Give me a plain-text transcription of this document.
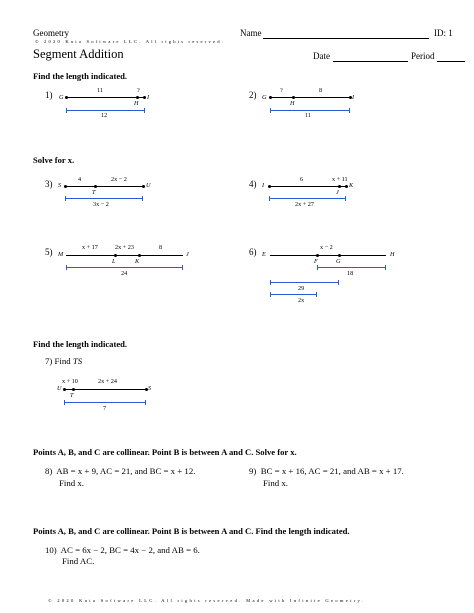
Geometry
© 2020 Kuta Software LLC. All rights reserved.
Name	ID: 1
Segment Addition	Date	Period
Find the length indicated.
1) G	I
11	?
H
12
2) G	I
?	8
H
11
Solve for x.
3) S	U
4	2x − 2
T
3x − 2
4) I	K
6	x + 11
J
2x + 27
5) M	J
x + 17	2x + 23	8
L	K
24
6) E	H
x − 2
F	G
18
29
2x
Find the length indicated.
7) Find TS
U	S
x + 10	2x + 24
T
7
Points A, B, and C are collinear. Point B is between A and C. Solve for x.
8) AB = x + 9, AC = 21, and BC = x + 12.
Find x.
9) BC = x + 16, AC = 21, and AB = x + 17.
Find x.
Points A, B, and C are collinear. Point B is between A and C. Find the length indicated.
10) AC = 6x − 2, BC = 4x − 2, and AB = 6.
Find AC.
© 2020 Kuta Software LLC. All rights reserved. Made with Infinite Geometry.
